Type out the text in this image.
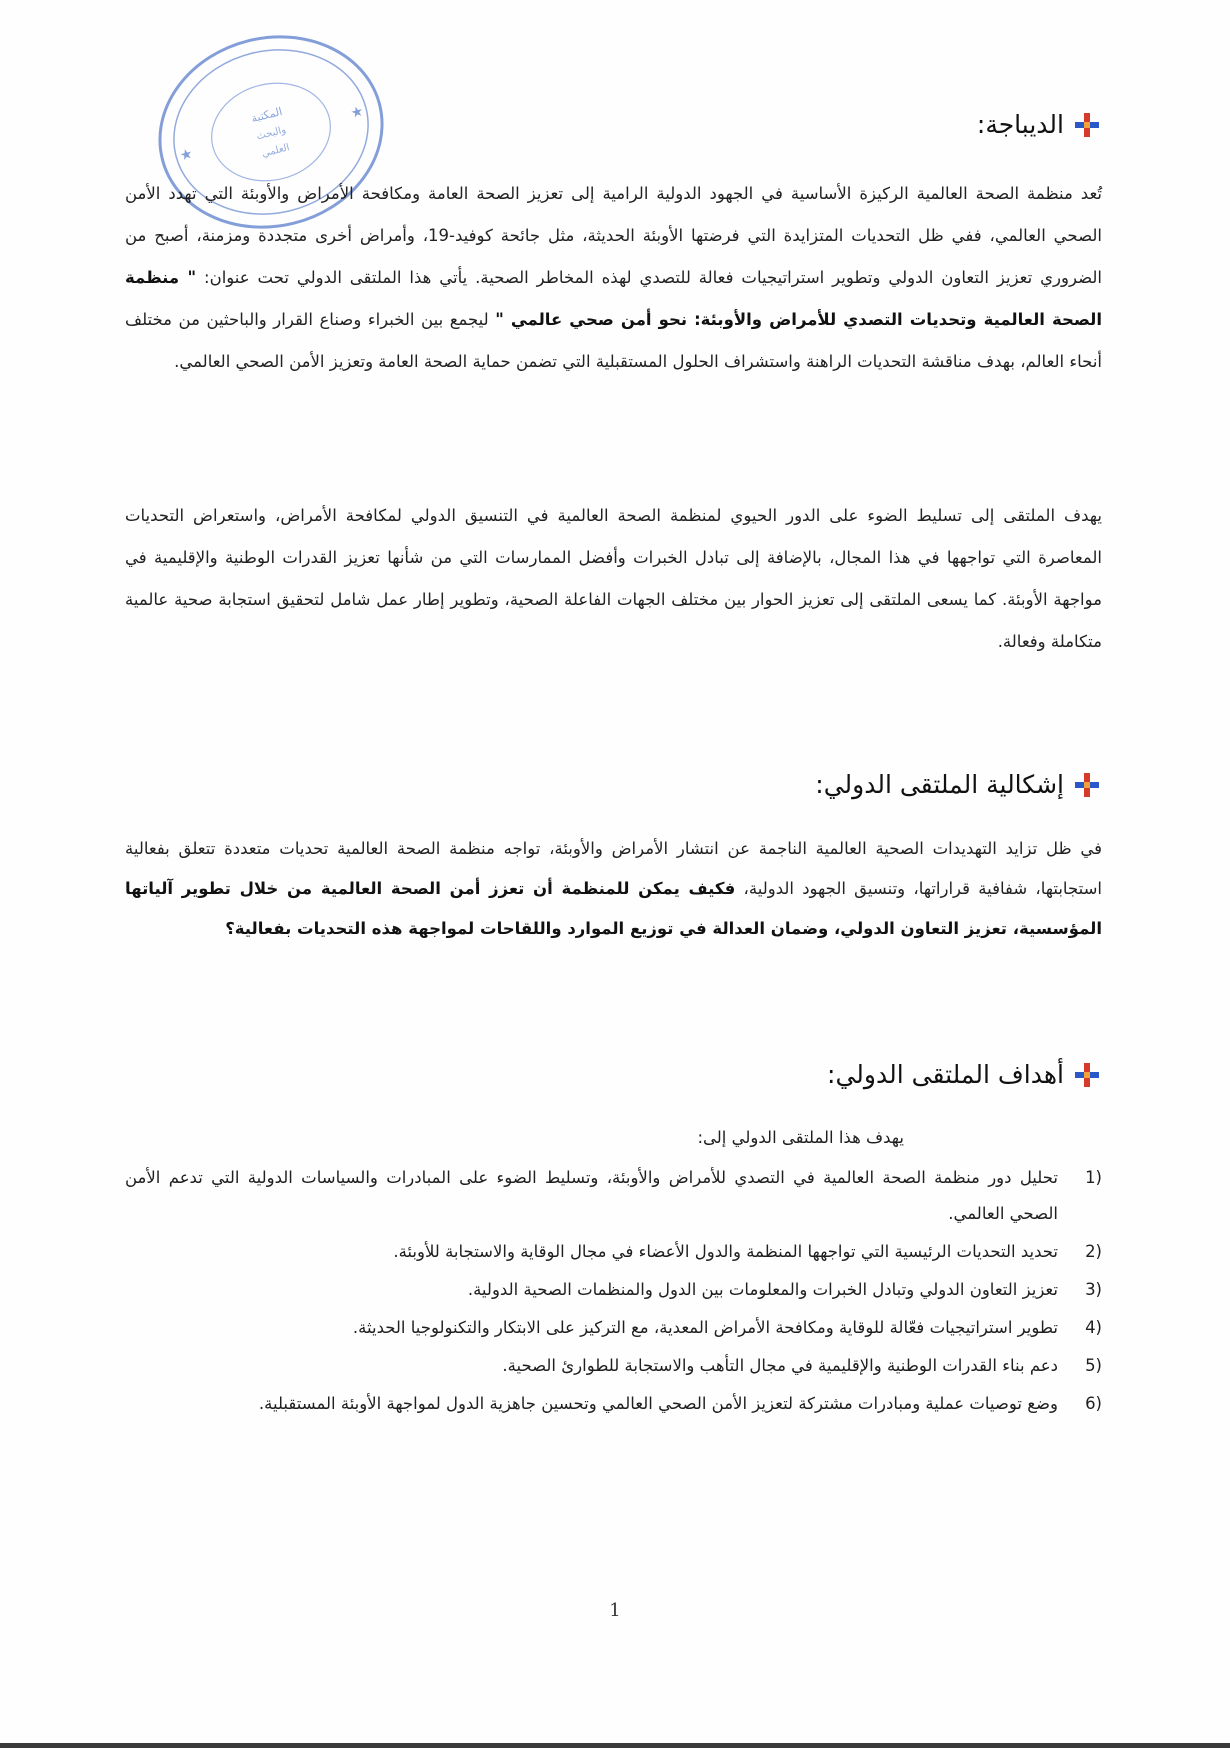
★
★
المكتبة
والبحث
العلمي
الديباجة:
تُعد منظمة الصحة العالمية الركيزة الأساسية في الجهود الدولية الرامية إلى تعزيز الصحة العامة ومكافحة الأمراض والأوبئة التي تهدد الأمن الصحي العالمي، ففي ظل التحديات المتزايدة التي فرضتها الأوبئة الحديثة، مثل جائحة كوفيد-19، وأمراض أخرى متجددة ومزمنة، أصبح من الضروري تعزيز التعاون الدولي وتطوير استراتيجيات فعالة للتصدي لهذه المخاطر الصحية. يأتي هذا الملتقى الدولي تحت عنوان: " منظمة الصحة العالمية وتحديات التصدي للأمراض والأوبئة: نحو أمن صحي عالمي " ليجمع بين الخبراء وصناع القرار والباحثين من مختلف أنحاء العالم، بهدف مناقشة التحديات الراهنة واستشراف الحلول المستقبلية التي تضمن حماية الصحة العامة وتعزيز الأمن الصحي العالمي.
يهدف الملتقى إلى تسليط الضوء على الدور الحيوي لمنظمة الصحة العالمية في التنسيق الدولي لمكافحة الأمراض، واستعراض التحديات المعاصرة التي تواجهها في هذا المجال، بالإضافة إلى تبادل الخبرات وأفضل الممارسات التي من شأنها تعزيز القدرات الوطنية والإقليمية في مواجهة الأوبئة. كما يسعى الملتقى إلى تعزيز الحوار بين مختلف الجهات الفاعلة الصحية، وتطوير إطار عمل شامل لتحقيق استجابة صحية عالمية متكاملة وفعالة.
إشكالية الملتقى الدولي:
في ظل تزايد التهديدات الصحية العالمية الناجمة عن انتشار الأمراض والأوبئة، تواجه منظمة الصحة العالمية تحديات متعددة تتعلق بفعالية استجابتها، شفافية قراراتها، وتنسيق الجهود الدولية، فكيف يمكن للمنظمة أن تعزز أمن الصحة العالمية من خلال تطوير آلياتها المؤسسية، تعزيز التعاون الدولي، وضمان العدالة في توزيع الموارد واللقاحات لمواجهة هذه التحديات بفعالية؟
أهداف الملتقى الدولي:
يهدف هذا الملتقى الدولي إلى:
1)
تحليل دور منظمة الصحة العالمية في التصدي للأمراض والأوبئة، وتسليط الضوء على المبادرات والسياسات الدولية التي تدعم الأمن الصحي العالمي.
2)
تحديد التحديات الرئيسية التي تواجهها المنظمة والدول الأعضاء في مجال الوقاية والاستجابة للأوبئة.
3)
تعزيز التعاون الدولي وتبادل الخبرات والمعلومات بين الدول والمنظمات الصحية الدولية.
4)
تطوير استراتيجيات فعّالة للوقاية ومكافحة الأمراض المعدية، مع التركيز على الابتكار والتكنولوجيا الحديثة.
5)
دعم بناء القدرات الوطنية والإقليمية في مجال التأهب والاستجابة للطوارئ الصحية.
6)
وضع توصيات عملية ومبادرات مشتركة لتعزيز الأمن الصحي العالمي وتحسين جاهزية الدول لمواجهة الأوبئة المستقبلية.
1
